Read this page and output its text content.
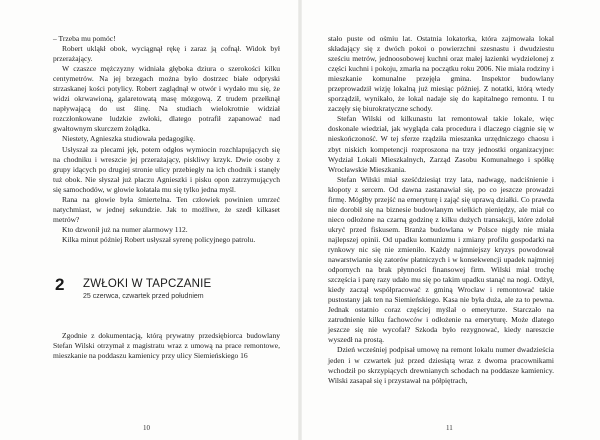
– Trzeba mu pomóc!

Robert ukląkł obok, wyciągnął rękę i zaraz ją cofnął. Widok był przerażający.

W czaszce mężczyzny widniała głęboka dziura o szerokości kilku centymetrów. Na jej brzegach można było dostrzec białe odpryski strzaskanej kości potylicy. Robert zaglądnął w otwór i wydało mu się, że widzi okrwawioną, galaretowatą masę mózgową. Z trudem przełknął napływającą do ust ślinę. Na studiach wielokrotnie widział rozczłonkowane ludzkie zwłoki, dlatego potrafił zapanować nad gwałtownym skurczem żołądka.

Niestety, Agnieszka studiowała pedagogikę.

Usłyszał za plecami jęk, potem odgłos wymiocin rozchlapujących się na chodniku i wreszcie jej przerażający, piskliwy krzyk. Dwie osoby z grupy idących po drugiej stronie ulicy przebiegły na ich chodnik i stanęły tuż obok. Nie słyszał już płaczu Agnieszki i pisku opon zatrzymujących się samochodów, w głowie kołatała mu się tylko jedna myśl.

Rana na głowie była śmiertelna. Ten człowiek powinien umrzeć natychmiast, w jednej sekundzie. Jak to możliwe, że szedł kilkaset metrów?

Kto dzwonił już na numer alarmowy 112.

Kilka minut później Robert usłyszał syrenę policyjnego patrolu.

2 ZWŁOKI W TAPCZANIE
25 czerwca, czwartek przed południem

Zgodnie z dokumentacją, którą prywatny przedsiębiorca budowlany Stefan Wilski otrzymał z magistratu wraz z umową na prace remontowe, mieszkanie na poddaszu kamienicy przy ulicy Siemieńskiego 16

10

stało puste od ośmiu lat. Ostatnia lokatorka, która zajmowała lokal składający się z dwóch pokoi o powierzchni szesnastu i dwudziestu sześciu metrów, jednoosobowej kuchni oraz małej łazienki wydzielonej z części kuchni i pokoju, zmarła na początku roku 2006. Nie miała rodziny i mieszkanie komunalne przejęła gmina. Inspektor budowlany przeprowadził wizję lokalną już miesiąc później. Z notatki, którą wtedy sporządził, wynikało, że lokal nadaje się do kapitalnego remontu. I tu zaczęły się biurokratyczne schody.

Stefan Wilski od kilkunastu lat remontował takie lokale, więc doskonale wiedział, jak wygląda cała procedura i dlaczego ciągnie się w nieskończoność. W tej sferze rządziła mieszanka urzędniczego chaosu i zbyt niskich kompetencji rozproszona na trzy jednostki organizacyjne: Wydział Lokali Mieszkalnych, Zarząd Zasobu Komunalnego i spółkę Wrocławskie Mieszkania.

Stefan Wilski miał sześćdziesiąt trzy lata, nadwagę, nadciśnienie i kłopoty z sercem. Od dawna zastanawiał się, po co jeszcze prowadzi firmę. Mógłby przejść na emeryturę i zająć się uprawą działki. Co prawda nie dorobił się na biznesie budowlanym wielkich pieniędzy, ale miał co nieco odłożone na czarną godzinę z kilku dużych transakcji, które zdołał ukryć przed fiskusem. Branża budowlana w Polsce nigdy nie miała najlepszej opinii. Od upadku komunizmu i zmiany profilu gospodarki na rynkowy nic się nie zmieniło. Każdy najmniejszy kryzys powodował nawarstwianie się zatorów płatniczych i w konsekwencji upadek najmniej odpornych na brak płynności finansowej firm. Wilski miał trochę szczęścia i parę razy udało mu się po takim upadku stanąć na nogi. Odżył, kiedy zaczął współpracować z gminą Wrocław i remontować takie pustostany jak ten na Siemieńskiego. Kasa nie była duża, ale za to pewna. Jednak ostatnio coraz częściej myślał o emeryturze. Starczało na zatrudnienie kilku fachowców i odłożenie na emeryturę. Może dlatego jeszcze się nie wycofał? Szkoda było rezygnować, kiedy nareszcie wyszedł na prostą.

Dzień wcześniej podpisał umowę na remont lokalu numer dwadzieścia jeden i w czwartek już przed dziesiątą wraz z dwoma pracownikami wchodził po skrzypiących drewnianych schodach na poddasze kamienicy. Wilski zasapał się i przystawał na półpiętrach,

11
